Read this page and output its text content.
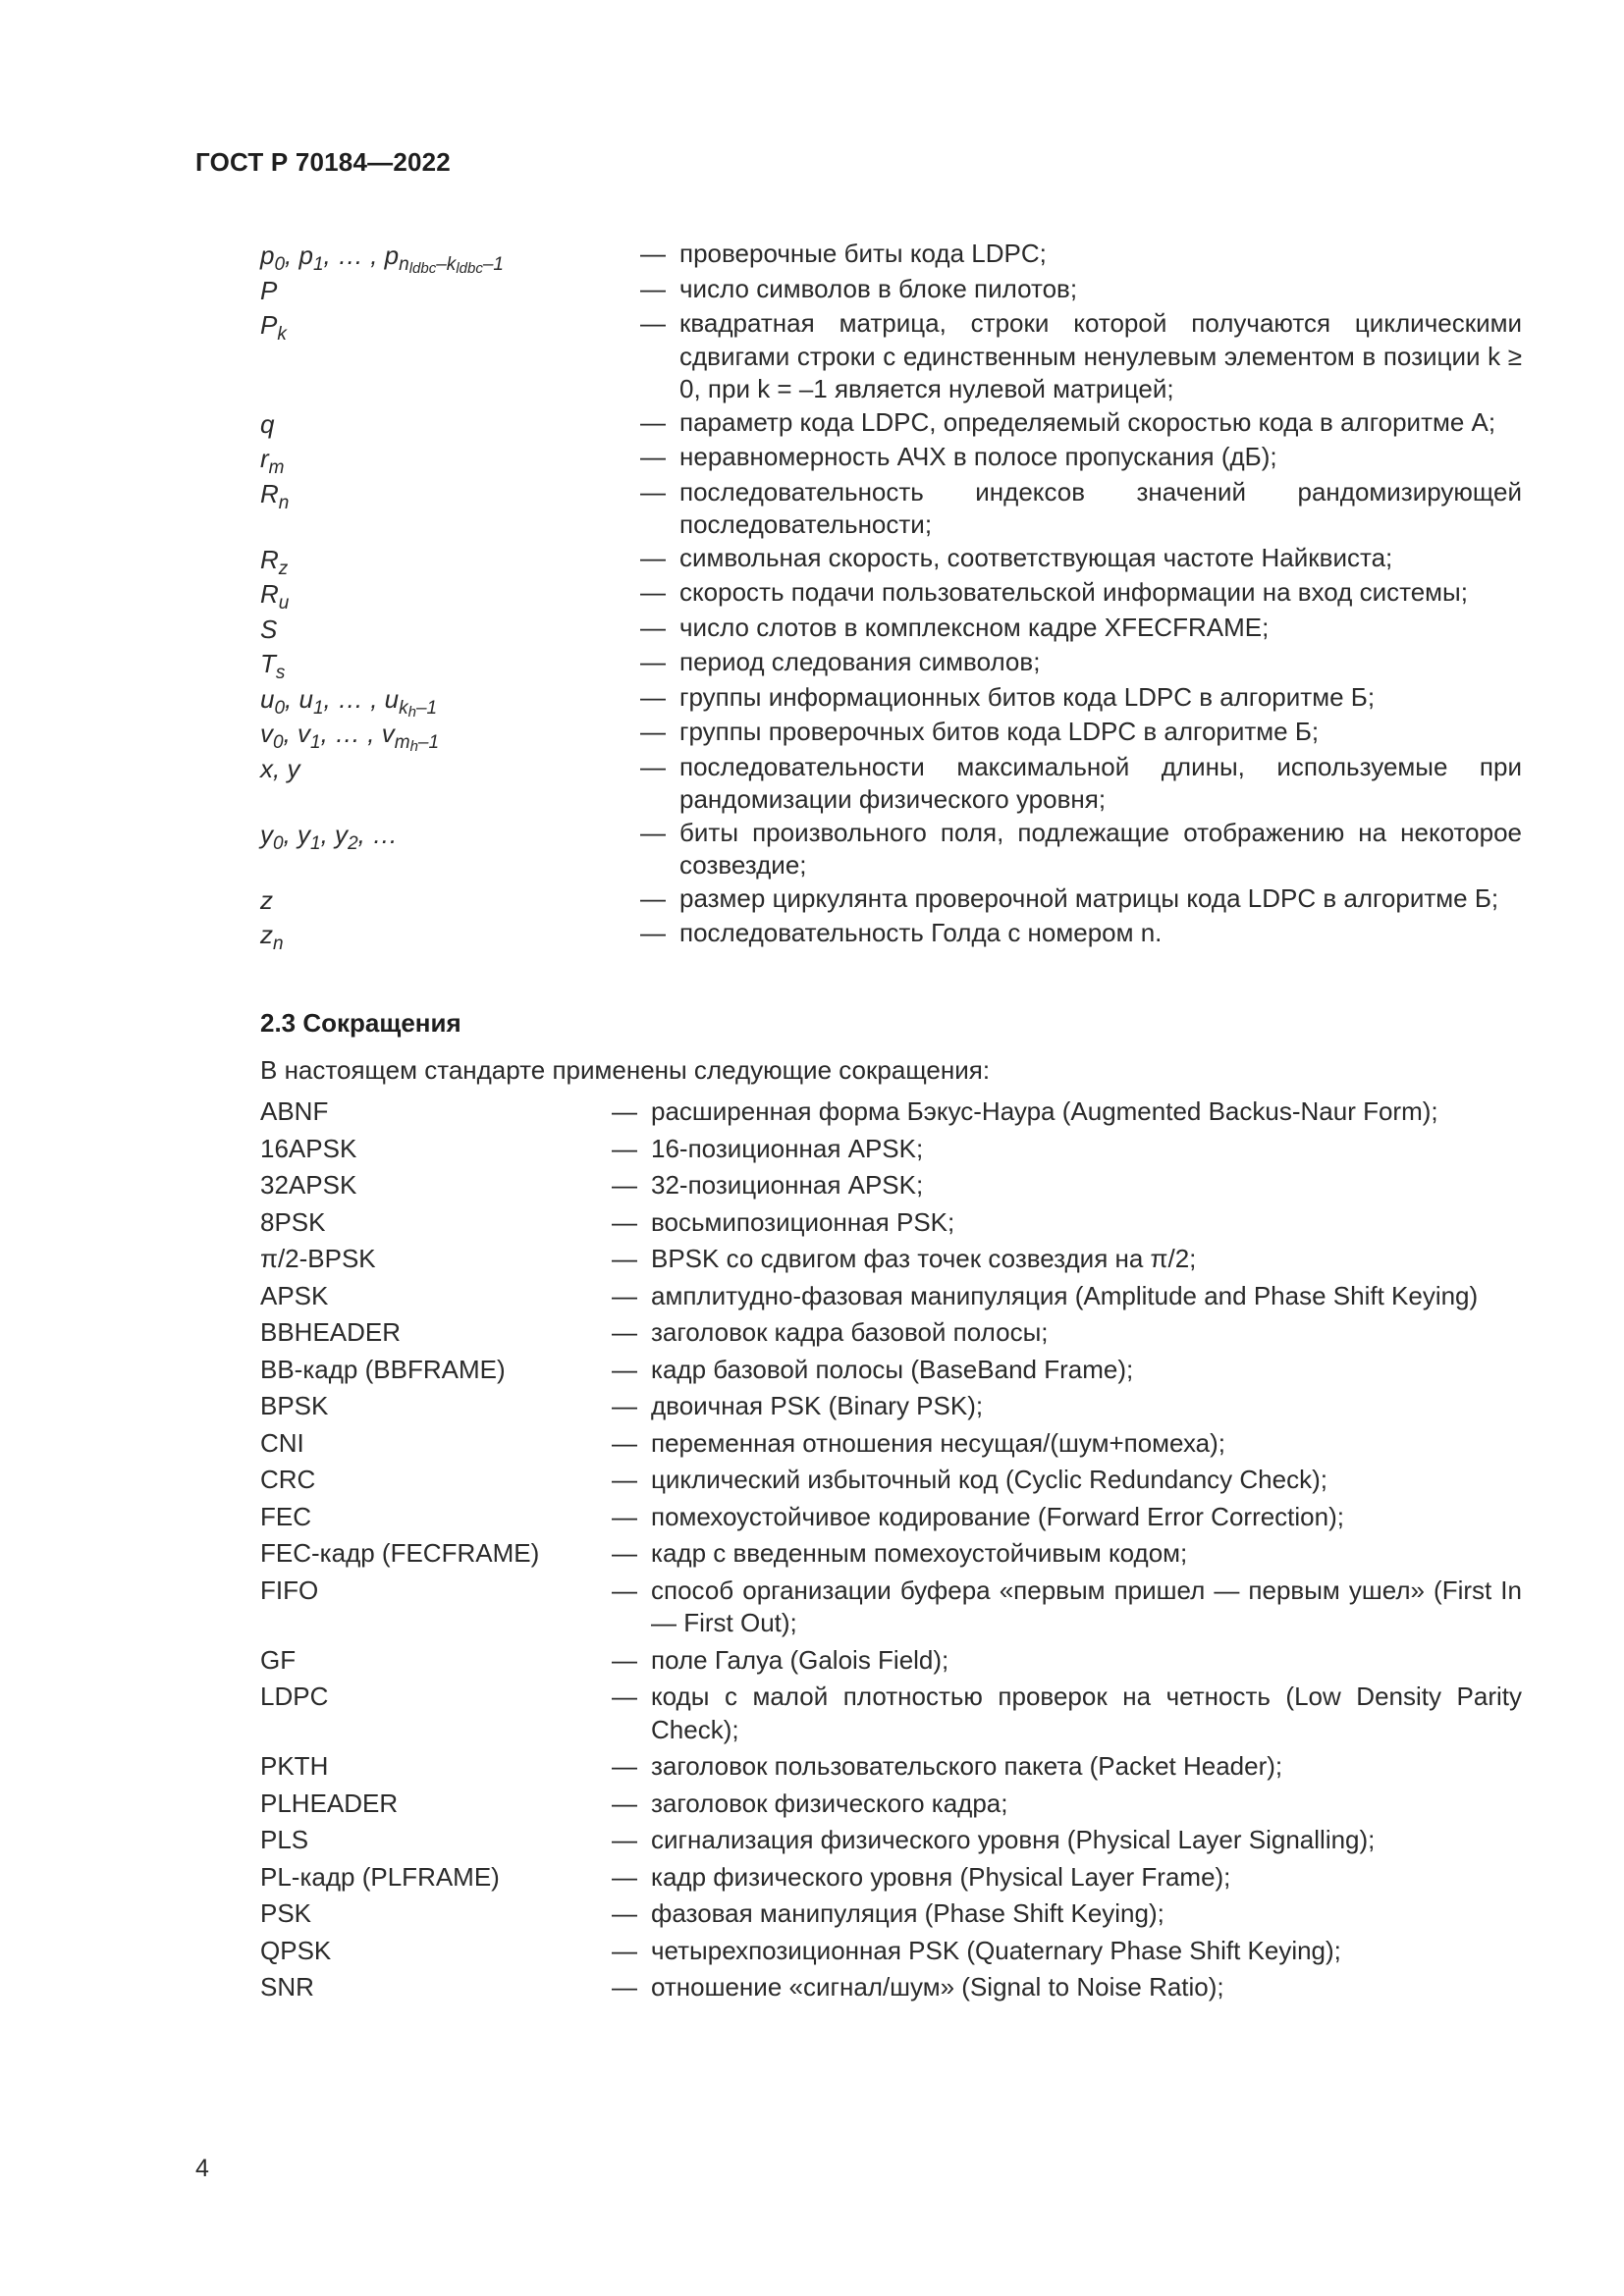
ГОСТ Р 70184—2022
$p_0$, $p_1$, … , $p_{n_{ldbc}-k_{ldbc}-1}$	— проверочные биты кода LDPC;
P	— число символов в блоке пилотов;
$P_k$	— квадратная матрица, строки которой получаются циклическими сдвигами строки с единственным ненулевым элементом в позиции k ≥ 0, при k = –1 является нулевой матрицей;
q	— параметр кода LDPC, определяемый скоростью кода в алгоритме А;
$r_m$	— неравномерность АЧХ в полосе пропускания (дБ);
$R_n$	— последовательность индексов значений рандомизирующей последовательности;
$R_z$	— символьная скорость, соответствующая частоте Найквиста;
$R_u$	— скорость подачи пользовательской информации на вход системы;
S	— число слотов в комплексном кадре XFECFRAME;
$T_s$	— период следования символов;
$u_0$, $u_1$, … , $u_{k_h-1}$	— группы информационных битов кода LDPC в алгоритме Б;
$v_0$, $v_1$, … , $v_{m_h-1}$	— группы проверочных битов кода LDPC в алгоритме Б;
x, y	— последовательности максимальной длины, используемые при рандомизации физического уровня;
$y_0$, $y_1$, $y_2$, …	— биты произвольного поля, подлежащие отображению на некоторое созвездие;
z	— размер циркулянта проверочной матрицы кода LDPC в алгоритме Б;
$z_n$	— последовательность Голда с номером n.
2.3 Сокращения
В настоящем стандарте применены следующие сокращения:
ABNF	— расширенная форма Бэкус-Наура (Augmented Backus-Naur Form);
16APSK	— 16-позиционная APSK;
32APSK	— 32-позиционная APSK;
8PSK	— восьмипозиционная PSK;
π/2-BPSK	— BPSK со сдвигом фаз точек созвездия на π/2;
APSK	— амплитудно-фазовая манипуляция (Amplitude and Phase Shift Keying)
BBHEADER	— заголовок кадра базовой полосы;
BB-кадр (BBFRAME)	— кадр базовой полосы (BaseBand Frame);
BPSK	— двоичная PSK (Binary PSK);
CNI	— переменная отношения несущая/(шум+помеха);
CRC	— циклический избыточный код (Cyclic Redundancy Check);
FEC	— помехоустойчивое кодирование (Forward Error Correction);
FEC-кадр (FECFRAME)	— кадр с введенным помехоустойчивым кодом;
FIFO	— способ организации буфера «первым пришел — первым ушел» (First In — First Out);
GF	— поле Галуа (Galois Field);
LDPC	— коды с малой плотностью проверок на четность (Low Density Parity Check);
PKTH	— заголовок пользовательского пакета (Packet Header);
PLHEADER	— заголовок физического кадра;
PLS	— сигнализация физического уровня (Physical Layer Signalling);
PL-кадр (PLFRAME)	— кадр физического уровня (Physical Layer Frame);
PSK	— фазовая манипуляция (Phase Shift Keying);
QPSK	— четырехпозиционная PSK (Quaternary Phase Shift Keying);
SNR	— отношение «сигнал/шум» (Signal to Noise Ratio);
4
